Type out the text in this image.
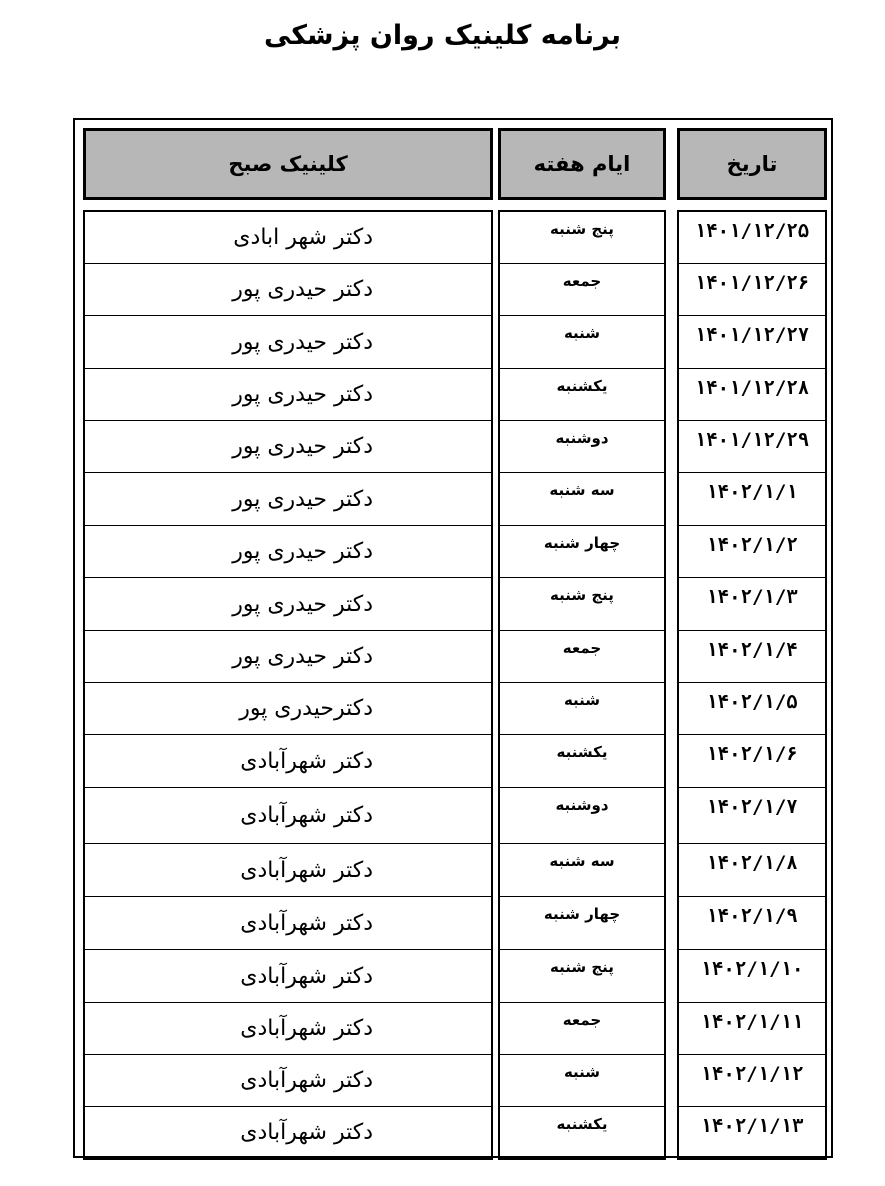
برنامه کلینیک روان پزشکی
تاریخ
ایام هفته
کلینیک صبح
۱۴۰۱/۱۲/۲۵
پنج شنبه
دکتر شهر ابادی
۱۴۰۱/۱۲/۲۶
جمعه
دکتر حیدری پور
۱۴۰۱/۱۲/۲۷
شنبه
دکتر حیدری پور
۱۴۰۱/۱۲/۲۸
یکشنبه
دکتر حیدری پور
۱۴۰۱/۱۲/۲۹
دوشنبه
دکتر حیدری پور
۱۴۰۲/۱/۱
سه شنبه
دکتر حیدری پور
۱۴۰۲/۱/۲
چهار شنبه
دکتر حیدری پور
۱۴۰۲/۱/۳
پنج شنبه
دکتر حیدری پور
۱۴۰۲/۱/۴
جمعه
دکتر حیدری پور
۱۴۰۲/۱/۵
شنبه
دکترحیدری پور
۱۴۰۲/۱/۶
یکشنبه
دکتر شهرآبادی
۱۴۰۲/۱/۷
دوشنبه
دکتر شهرآبادی
۱۴۰۲/۱/۸
سه شنبه
دکتر شهرآبادی
۱۴۰۲/۱/۹
چهار شنبه
دکتر شهرآبادی
۱۴۰۲/۱/۱۰
پنج شنبه
دکتر شهرآبادی
۱۴۰۲/۱/۱۱
جمعه
دکتر شهرآبادی
۱۴۰۲/۱/۱۲
شنبه
دکتر شهرآبادی
۱۴۰۲/۱/۱۳
یکشنبه
دکتر شهرآبادی
